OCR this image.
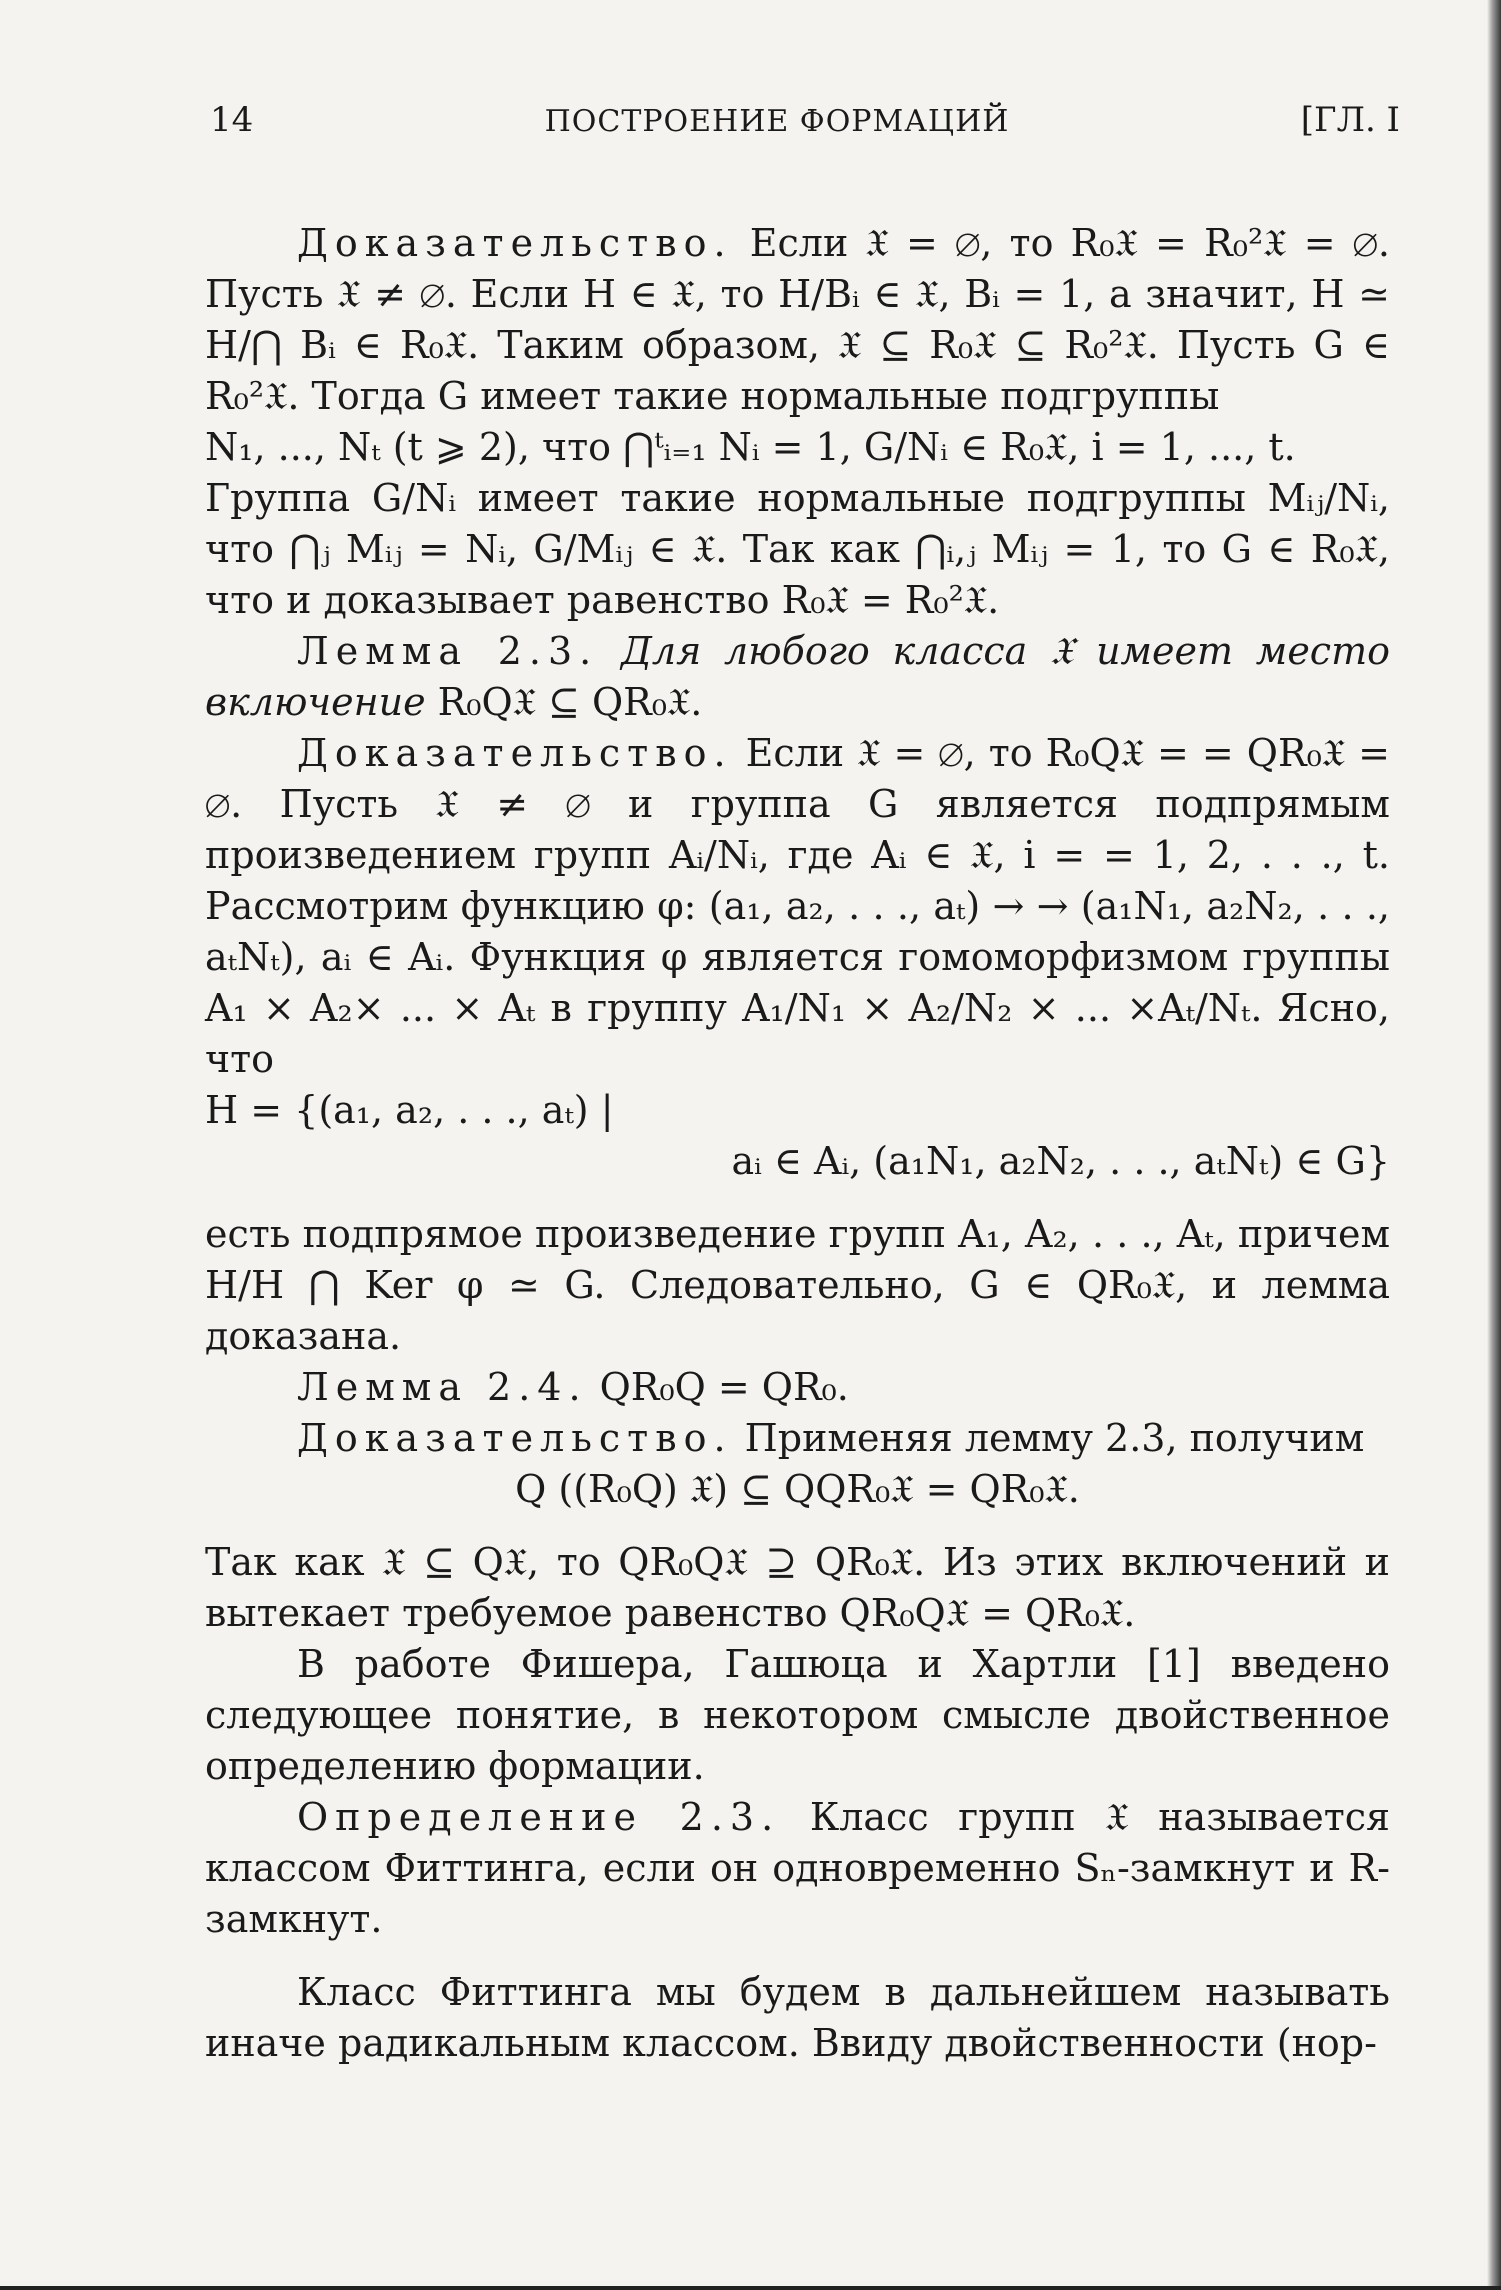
14	ПОСТРОЕНИЕ ФОРМАЦИЙ	[ГЛ. I

Доказательство. Если 𝔛 = ∅, то R₀𝔛 = R₀²𝔛 = ∅. Пусть 𝔛 ≠ ∅. Если H ∈ 𝔛, то H/Bᵢ ∈ 𝔛, Bᵢ = 1, а значит, H ≃ H/⋂ Bᵢ ∈ R₀𝔛. Таким образом, 𝔛 ⊆ R₀𝔛 ⊆ R₀²𝔛. Пусть G ∈ R₀²𝔛. Тогда G имеет такие нормальные подгруппы

N₁, ..., Nₜ (t ⩾ 2), что ⋂ᵗᵢ₌₁ Nᵢ = 1, G/Nᵢ ∈ R₀𝔛, i = 1, ..., t.

Группа G/Nᵢ имеет такие нормальные подгруппы Mᵢⱼ/Nᵢ, что ⋂ⱼ Mᵢⱼ = Nᵢ, G/Mᵢⱼ ∈ 𝔛. Так как ⋂ᵢ,ⱼ Mᵢⱼ = 1, то G ∈ R₀𝔛, что и доказывает равенство R₀𝔛 = R₀²𝔛.

Лемма 2.3. Для любого класса 𝔛 имеет место включение R₀Q𝔛 ⊆ QR₀𝔛.

Доказательство. Если 𝔛 = ∅, то R₀Q𝔛 = = QR₀𝔛 = ∅. Пусть 𝔛 ≠ ∅ и группа G является подпрямым произведением групп Aᵢ/Nᵢ, где Aᵢ ∈ 𝔛, i = = 1, 2, . . ., t. Рассмотрим функцию φ: (a₁, a₂, . . ., aₜ) → → (a₁N₁, a₂N₂, . . ., aₜNₜ), aᵢ ∈ Aᵢ. Функция φ является гомоморфизмом группы A₁ × A₂× ... × Aₜ в группу A₁/N₁ × A₂/N₂ × ... ×Aₜ/Nₜ. Ясно, что

H = {(a₁, a₂, . . ., aₜ) |

aᵢ ∈ Aᵢ, (a₁N₁, a₂N₂, . . ., aₜNₜ) ∈ G}

есть подпрямое произведение групп A₁, A₂, . . ., Aₜ, причем H/H ⋂ Ker φ ≃ G. Следовательно, G ∈ QR₀𝔛, и лемма доказана.

Лемма 2.4. QR₀Q = QR₀.

Доказательство. Применяя лемму 2.3, получим

Q ((R₀Q) 𝔛) ⊆ QQR₀𝔛 = QR₀𝔛.

Так как 𝔛 ⊆ Q𝔛, то QR₀Q𝔛 ⊇ QR₀𝔛. Из этих включений и вытекает требуемое равенство QR₀Q𝔛 = QR₀𝔛.

В работе Фишера, Гашюца и Хартли [1] введено следующее понятие, в некотором смысле двойственное определению формации.

Определение 2.3. Класс групп 𝔛 называется классом Фиттинга, если он одновременно Sₙ-замкнут и R-замкнут.

Класс Фиттинга мы будем в дальнейшем называть иначе радикальным классом. Ввиду двойственности (нор-
